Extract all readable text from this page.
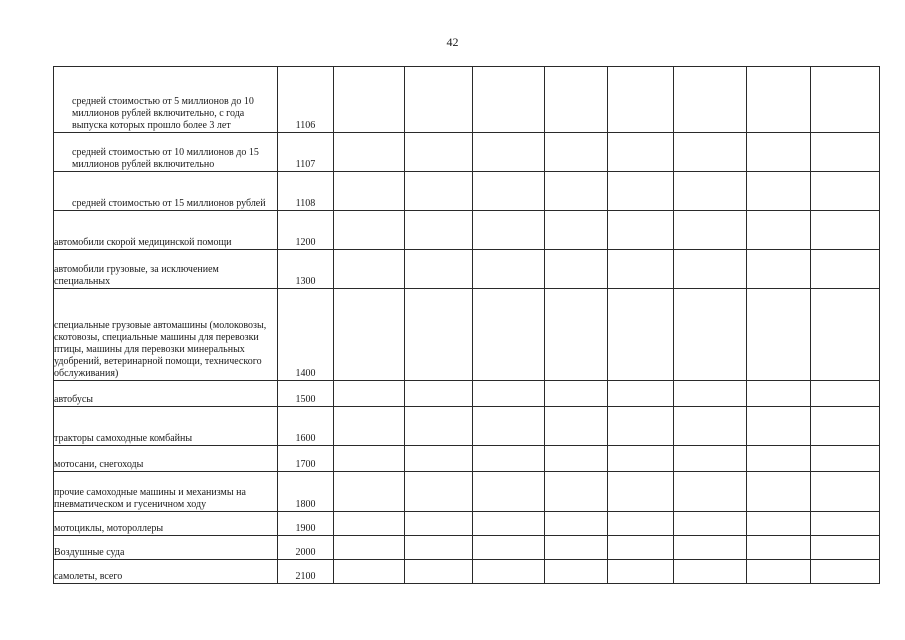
42
средней стоимостью от 5 миллионов до 10 миллионов рублей включительно, с года выпуска которых прошло более 3 лет	1106								
средней стоимостью от 10 миллионов до 15 миллионов рублей включительно	1107								
средней стоимостью от 15 миллионов рублей	1108								
автомобили скорой медицинской помощи	1200								
автомобили грузовые, за исключением специальных	1300								
специальные грузовые автомашины (молоковозы, скотовозы, специальные машины для перевозки птицы, машины для перевозки минеральных удобрений, ветеринарной помощи, технического обслуживания)	1400								
автобусы	1500								
тракторы самоходные комбайны	1600								
мотосани, снегоходы	1700								
прочие самоходные машины и механизмы на пневматическом и гусеничном ходу	1800								
мотоциклы, мотороллеры	1900								
Воздушные суда	2000								
самолеты, всего	2100								
